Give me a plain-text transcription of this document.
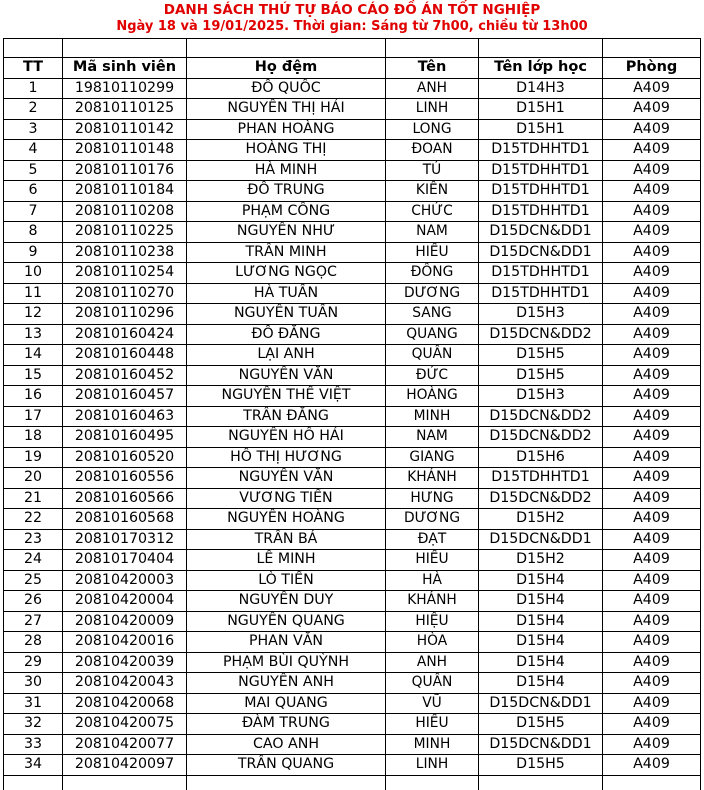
DANH SÁCH THỨ TỰ BÁO CÁO ĐỒ ÁN TỐT NGHIỆP
Ngày 18 và 19/01/2025. Thời gian: Sáng từ 7h00, chiều từ 13h00

TT	Mã sinh viên	Họ đệm	Tên	Tên lớp học	Phòng
1	19810110299	ĐỖ QUỐC	ANH	D14H3	A409
2	20810110125	NGUYỄN THỊ HẢI	LINH	D15H1	A409
3	20810110142	PHAN HOÀNG	LONG	D15H1	A409
4	20810110148	HOÀNG THỊ	ĐOAN	D15TDHHTD1	A409
5	20810110176	HÀ MINH	TÚ	D15TDHHTD1	A409
6	20810110184	ĐỖ TRUNG	KIÊN	D15TDHHTD1	A409
7	20810110208	PHẠM CÔNG	CHỨC	D15TDHHTD1	A409
8	20810110225	NGUYỄN NHƯ	NAM	D15DCN&DD1	A409
9	20810110238	TRẦN MINH	HIẾU	D15DCN&DD1	A409
10	20810110254	LƯƠNG NGỌC	ĐÔNG	D15TDHHTD1	A409
11	20810110270	HÀ TUẤN	DƯƠNG	D15TDHHTD1	A409
12	20810110296	NGUYỄN TUẤN	SANG	D15H3	A409
13	20810160424	ĐỖ ĐĂNG	QUANG	D15DCN&DD2	A409
14	20810160448	LẠI ANH	QUÂN	D15H5	A409
15	20810160452	NGUYỄN VĂN	ĐỨC	D15H5	A409
16	20810160457	NGUYỄN THẾ VIỆT	HOÀNG	D15H3	A409
17	20810160463	TRẦN ĐĂNG	MINH	D15DCN&DD2	A409
18	20810160495	NGUYỄN HỒ HẢI	NAM	D15DCN&DD2	A409
19	20810160520	HỒ THỊ HƯƠNG	GIANG	D15H6	A409
20	20810160556	NGUYỄN VĂN	KHÁNH	D15TDHHTD1	A409
21	20810160566	VƯƠNG TIẾN	HƯNG	D15DCN&DD2	A409
22	20810160568	NGUYỄN HOÀNG	DƯƠNG	D15H2	A409
23	20810170312	TRẦN BÁ	ĐẠT	D15DCN&DD1	A409
24	20810170404	LÊ MINH	HIẾU	D15H2	A409
25	20810420003	LÒ TIẾN	HÀ	D15H4	A409
26	20810420004	NGUYỄN DUY	KHÁNH	D15H4	A409
27	20810420009	NGUYỄN QUANG	HIỆU	D15H4	A409
28	20810420016	PHAN VĂN	HÒA	D15H4	A409
29	20810420039	PHẠM BÙI QUỲNH	ANH	D15H4	A409
30	20810420043	NGUYỄN ANH	QUÂN	D15H4	A409
31	20810420068	MAI QUANG	VŨ	D15DCN&DD1	A409
32	20810420075	ĐÀM TRUNG	HIẾU	D15H5	A409
33	20810420077	CAO ANH	MINH	D15DCN&DD1	A409
34	20810420097	TRẦN QUANG	LINH	D15H5	A409
